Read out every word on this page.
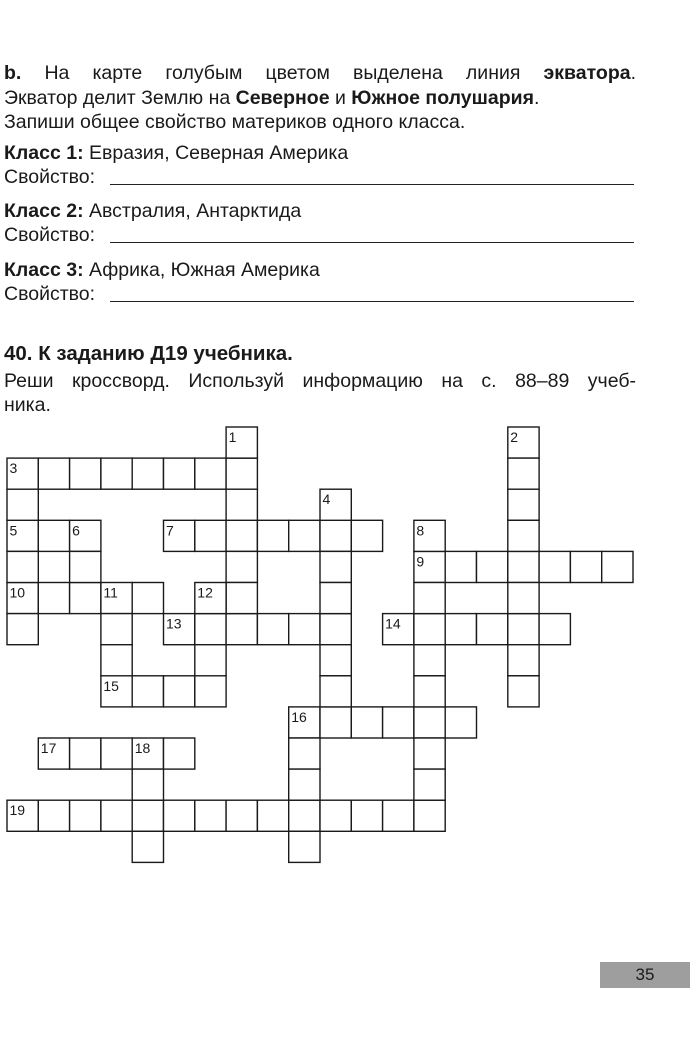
b. На карте голубым цветом выделена линия экватора.
Экватор делит Землю на Северное и Южное полушария.
Запиши общее свойство материков одного класса.
Класс 1: Евразия, Северная Америка
Свойство:
Класс 2: Австралия, Антарктида
Свойство:
Класс 3: Африка, Южная Америка
Свойство:
40. К заданию Д19 учебника.
Реши кроссворд. Используй информацию на с. 88–89 учеб-
ника.
1	2
3
4
5	6	7	8
9
10	11	12
13	14
15
16
17	18
19
35
